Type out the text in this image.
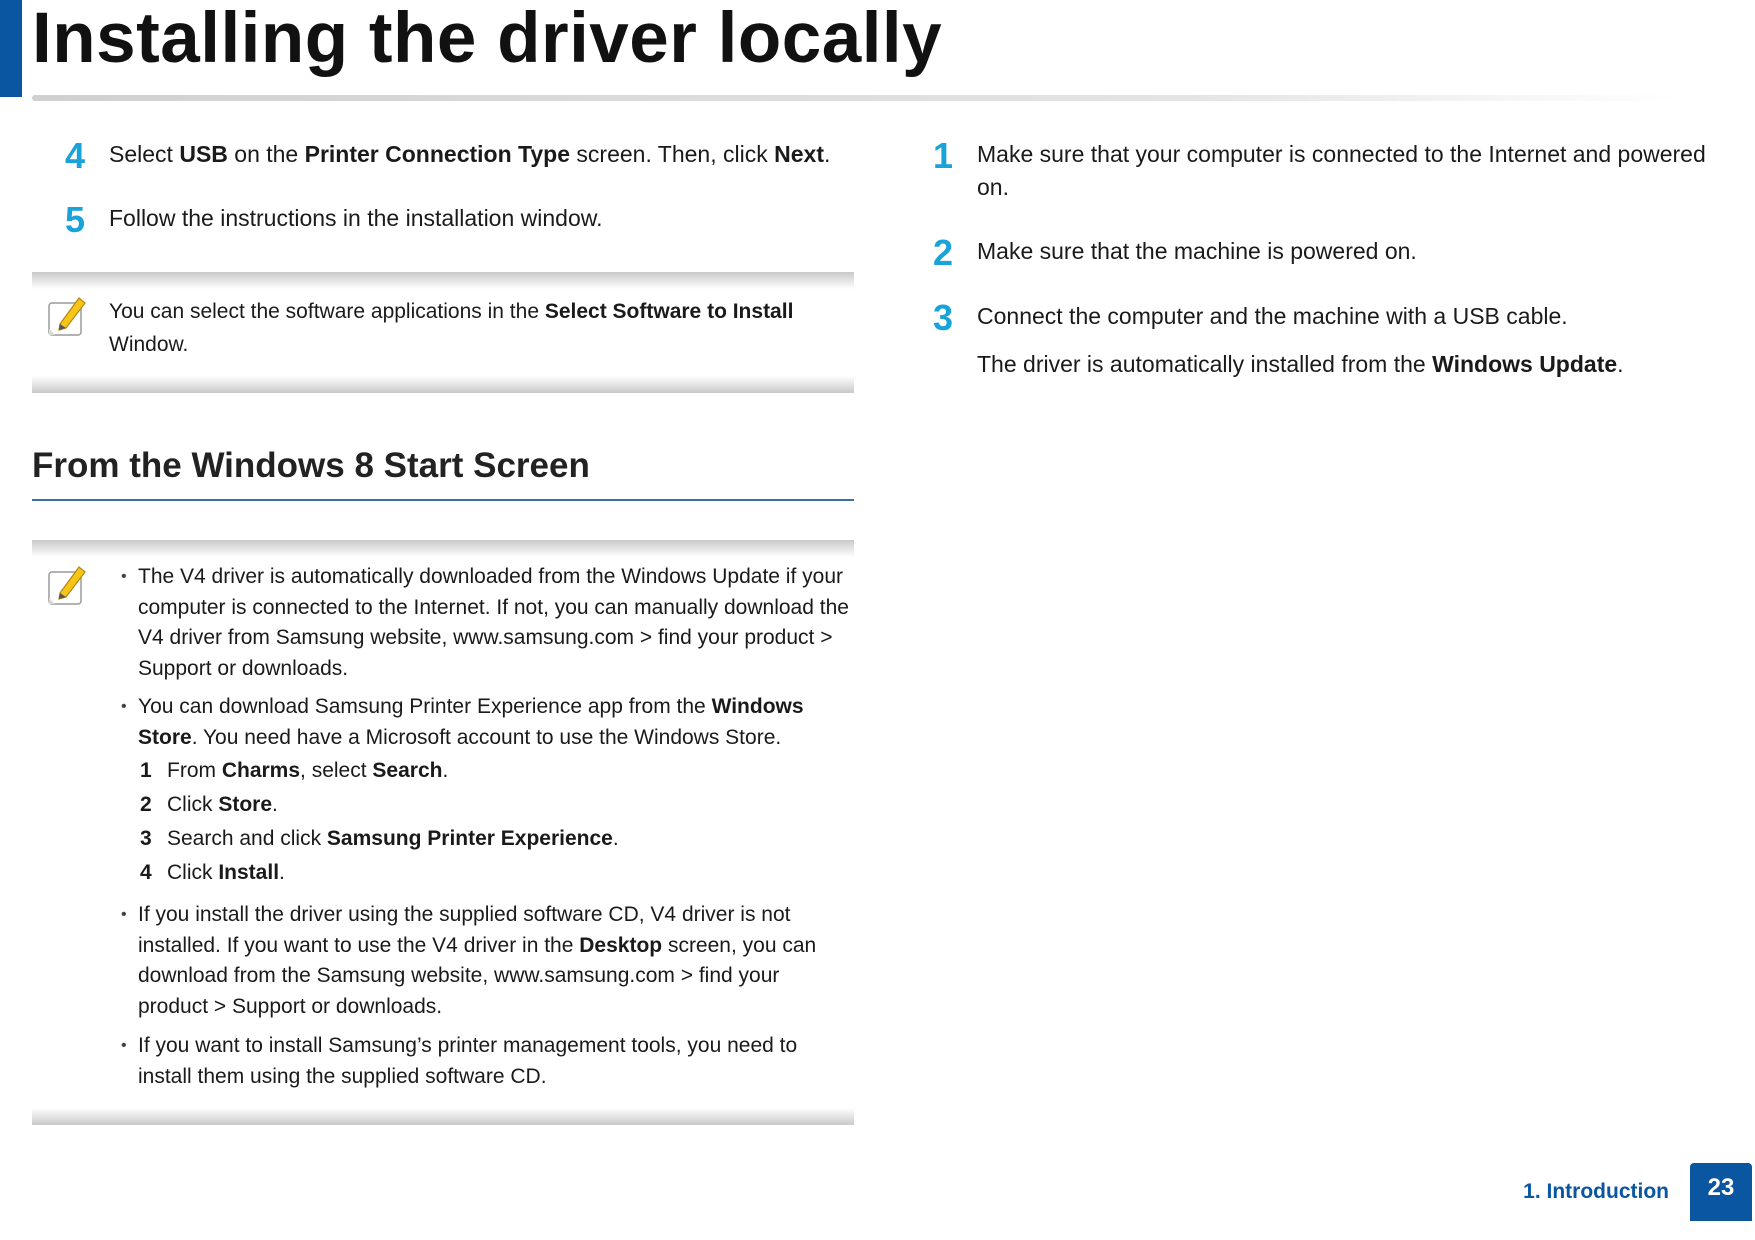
Installing the driver locally
4	Select USB on the Printer Connection Type screen. Then, click Next.
5	Follow the instructions in the installation window.
You can select the software applications in the Select Software to Install Window.
From the Windows 8 Start Screen
• The V4 driver is automatically downloaded from the Windows Update if your computer is connected to the Internet. If not, you can manually download the V4 driver from Samsung website, www.samsung.com > find your product > Support or downloads.
• You can download Samsung Printer Experience app from the Windows Store. You need have a Microsoft account to use the Windows Store.
1 From Charms, select Search.
2 Click Store.
3 Search and click Samsung Printer Experience.
4 Click Install.
• If you install the driver using the supplied software CD, V4 driver is not installed. If you want to use the V4 driver in the Desktop screen, you can download from the Samsung website, www.samsung.com > find your product > Support or downloads.
• If you want to install Samsung’s printer management tools, you need to install them using the supplied software CD.
1	Make sure that your computer is connected to the Internet and powered on.
2	Make sure that the machine is powered on.
3	Connect the computer and the machine with a USB cable.
The driver is automatically installed from the Windows Update.
1. Introduction	23
